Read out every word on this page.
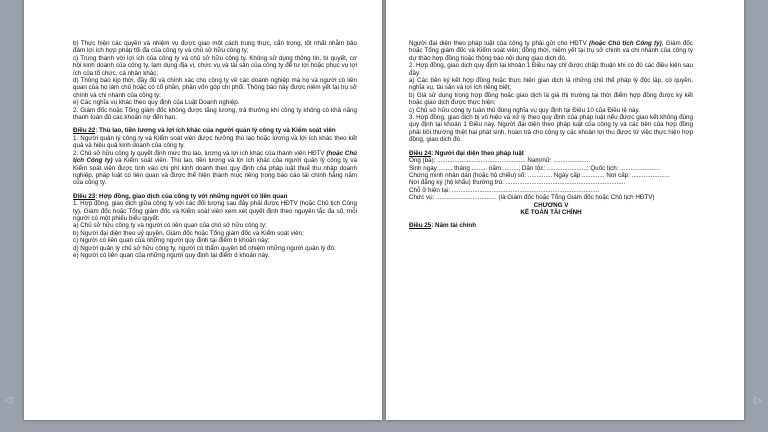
b) Thực hiện các quyền và nhiệm vụ được giao một cách trung thực, cẩn trọng, tốt nhất nhằm bảo đảm lợi ích hợp pháp tối đa của công ty và chủ sở hữu công ty;

c) Trung thành với lợi ích của công ty và chủ sở hữu công ty. Không sử dụng thông tin, bí quyết, cơ hội kinh doanh của công ty, lạm dụng địa vị, chức vụ và tài sản của công ty để tư lợi hoặc phục vụ lợi ích của tổ chức, cá nhân khác;

d) Thông báo kịp thời, đầy đủ và chính xác cho công ty về các doanh nghiệp mà họ và người có liên quan của họ làm chủ hoặc có cổ phần, phần vốn góp chi phối. Thông báo này được niêm yết tại trụ sở chính và chi nhánh của công ty;

e) Các nghĩa vụ khác theo quy định của Luật Doanh nghiệp.

2. Giám đốc hoặc Tổng giám đốc không được tăng lương, trả thưởng khi công ty không có khả năng thanh toán đủ các khoản nợ đến hạn.

Điều 22: Thù lao, tiền lương và lợi ích khác của người quản lý công ty và Kiểm soát viên

1. Người quản lý công ty và Kiểm soát viên được hưởng thù lao hoặc lương và lợi ích khác theo kết quả và hiệu quả kinh doanh của công ty.

2. Chủ sở hữu công ty quyết định mức thù lao, lương và lợi ích khác của thành viên HĐTV (hoặc Chủ tịch Công ty) và Kiểm soát viên. Thù lao, tiền lương và lợi ích khác của người quản lý công ty và Kiểm soát viên được tính vào chi phí kinh doanh theo quy định của pháp luật thuế thu nhập doanh nghiệp, pháp luật có liên quan và được thể hiện thành mục riêng trong báo cáo tài chính hằng năm của công ty.

Điều 23: Hợp đồng, giao dịch của công ty với những người có liên quan

1. Hợp đồng, giao dịch giữa công ty với các đối tượng sau đây phải được HĐTV (hoặc Chủ tịch Công ty), Giám đốc hoặc Tổng giám đốc và Kiểm soát viên xem xét quyết định theo nguyên tắc đa số, mỗi người có một phiếu biểu quyết:

a) Chủ sở hữu công ty và người có liên quan của chủ sở hữu công ty;

b) Người đại diện theo uỷ quyền, Giám đốc hoặc Tổng giám đốc và Kiểm soát viên;

c) Người có liên quan của những người quy định tại điểm b khoản này;

d) Người quản lý chủ sở hữu công ty, người có thẩm quyền bổ nhiệm những người quản lý đó;

e) Người có liên quan của những người quy định tại điểm d khoản này.

Người đại diện theo pháp luật của công ty phải gửi cho HĐTV (hoặc Chủ tịch Công ty), Giám đốc hoặc Tổng giám đốc và Kiểm soát viên; đồng thời, niêm yết tại trụ sở chính và chi nhánh của công ty dự thảo hợp đồng hoặc thông báo nội dung giao dịch đó.

2. Hợp đồng, giao dịch quy định tại khoản 1 Điều này chỉ được chấp thuận khi có đủ các điều kiện sau đây:

a) Các bên ký kết hợp đồng hoặc thực hiện giao dịch là những chủ thể pháp lý độc lập, có quyền, nghĩa vụ, tài sản và lợi ích riêng biệt;

b) Giá sử dụng trong hợp đồng hoặc giao dịch là giá thị trường tại thời điểm hợp đồng được ký kết hoặc giao dịch được thực hiện;

c) Chủ sở hữu công ty tuân thủ đúng nghĩa vụ quy định tại Điều 10 của Điều lệ này.

3. Hợp đồng, giao dịch bị vô hiệu và xử lý theo quy định của pháp luật nếu được giao kết không đúng quy định tại khoản 1 Điều này. Người đại diện theo pháp luật của công ty và các bên của hợp đồng phải bồi thường thiệt hại phát sinh, hoàn trả cho công ty các khoản lợi thu được từ việc thực hiện hợp đồng, giao dịch đó.

Điều 24: Người đại diện theo pháp luật

Ông (bà): ................................................... Nam/nữ: .....................

Sinh ngày ........ tháng ......... năm .........; Dân tộc: .......................; Quốc tịch: .......................

Chứng minh nhân dân (hoặc hộ chiếu) số: .............. Ngày cấp ............. Nơi cấp: ......................

Nơi đăng ký (hộ khẩu) thường trú: .....................................................................

Chỗ ở hiện tại: .....................................................................................

Chức vụ: ................................... (là Giám đốc hoặc Tổng Giám đốc hoặc Chủ tịch HĐTV)

CHƯƠNG V

KẾ TOÁN TÀI CHÍNH

Điều 25: Năm tài chính

◁	▷
